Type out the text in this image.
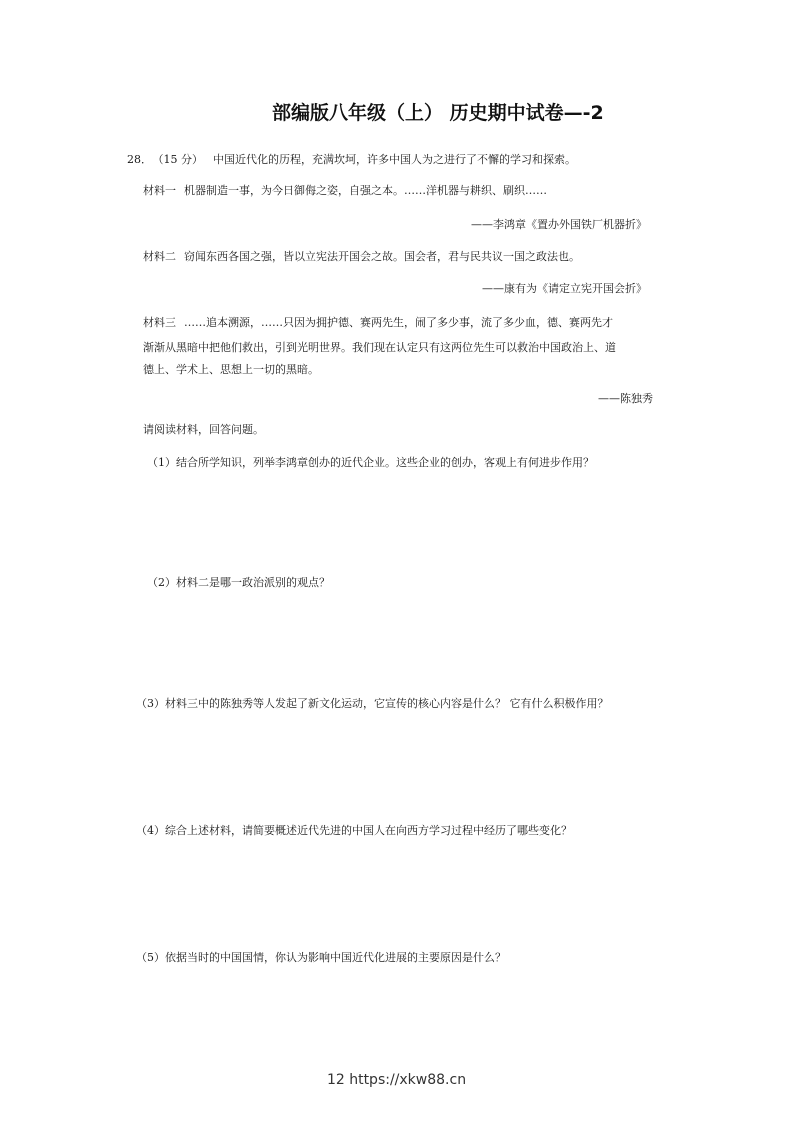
部编版八年级（上） 历史期中试卷—-2
28． （15 分） 中国近代化的历程，充满坎坷，许多中国人为之进行了不懈的学习和探索。
材料一 机器制造一事，为今日御侮之姿，自强之本。……洋机器与耕织、刷织……
——李鸿章《置办外国铁厂机器折》
材料二 窃闻东西各国之强，皆以立宪法开国会之故。国会者，君与民共议一国之政法也。
——康有为《请定立宪开国会折》
材料三 ……追本溯源，……只因为拥护德、赛两先生，闹了多少事，流了多少血，德、赛两先才
渐渐从黑暗中把他们救出，引到光明世界。我们现在认定只有这两位先生可以救治中国政治上、道
德上、学术上、思想上一切的黑暗。
——陈独秀
请阅读材料，回答问题。
（1）结合所学知识，列举李鸿章创办的近代企业。这些企业的创办，客观上有何进步作用？
（2）材料二是哪一政治派别的观点？
（3）材料三中的陈独秀等人发起了新文化运动，它宣传的核心内容是什么？ 它有什么积极作用？
（4）综合上述材料，请简要概述近代先进的中国人在向西方学习过程中经历了哪些变化？
（5）依据当时的中国国情，你认为影响中国近代化进展的主要原因是什么？
12 https://xkw88.cn
